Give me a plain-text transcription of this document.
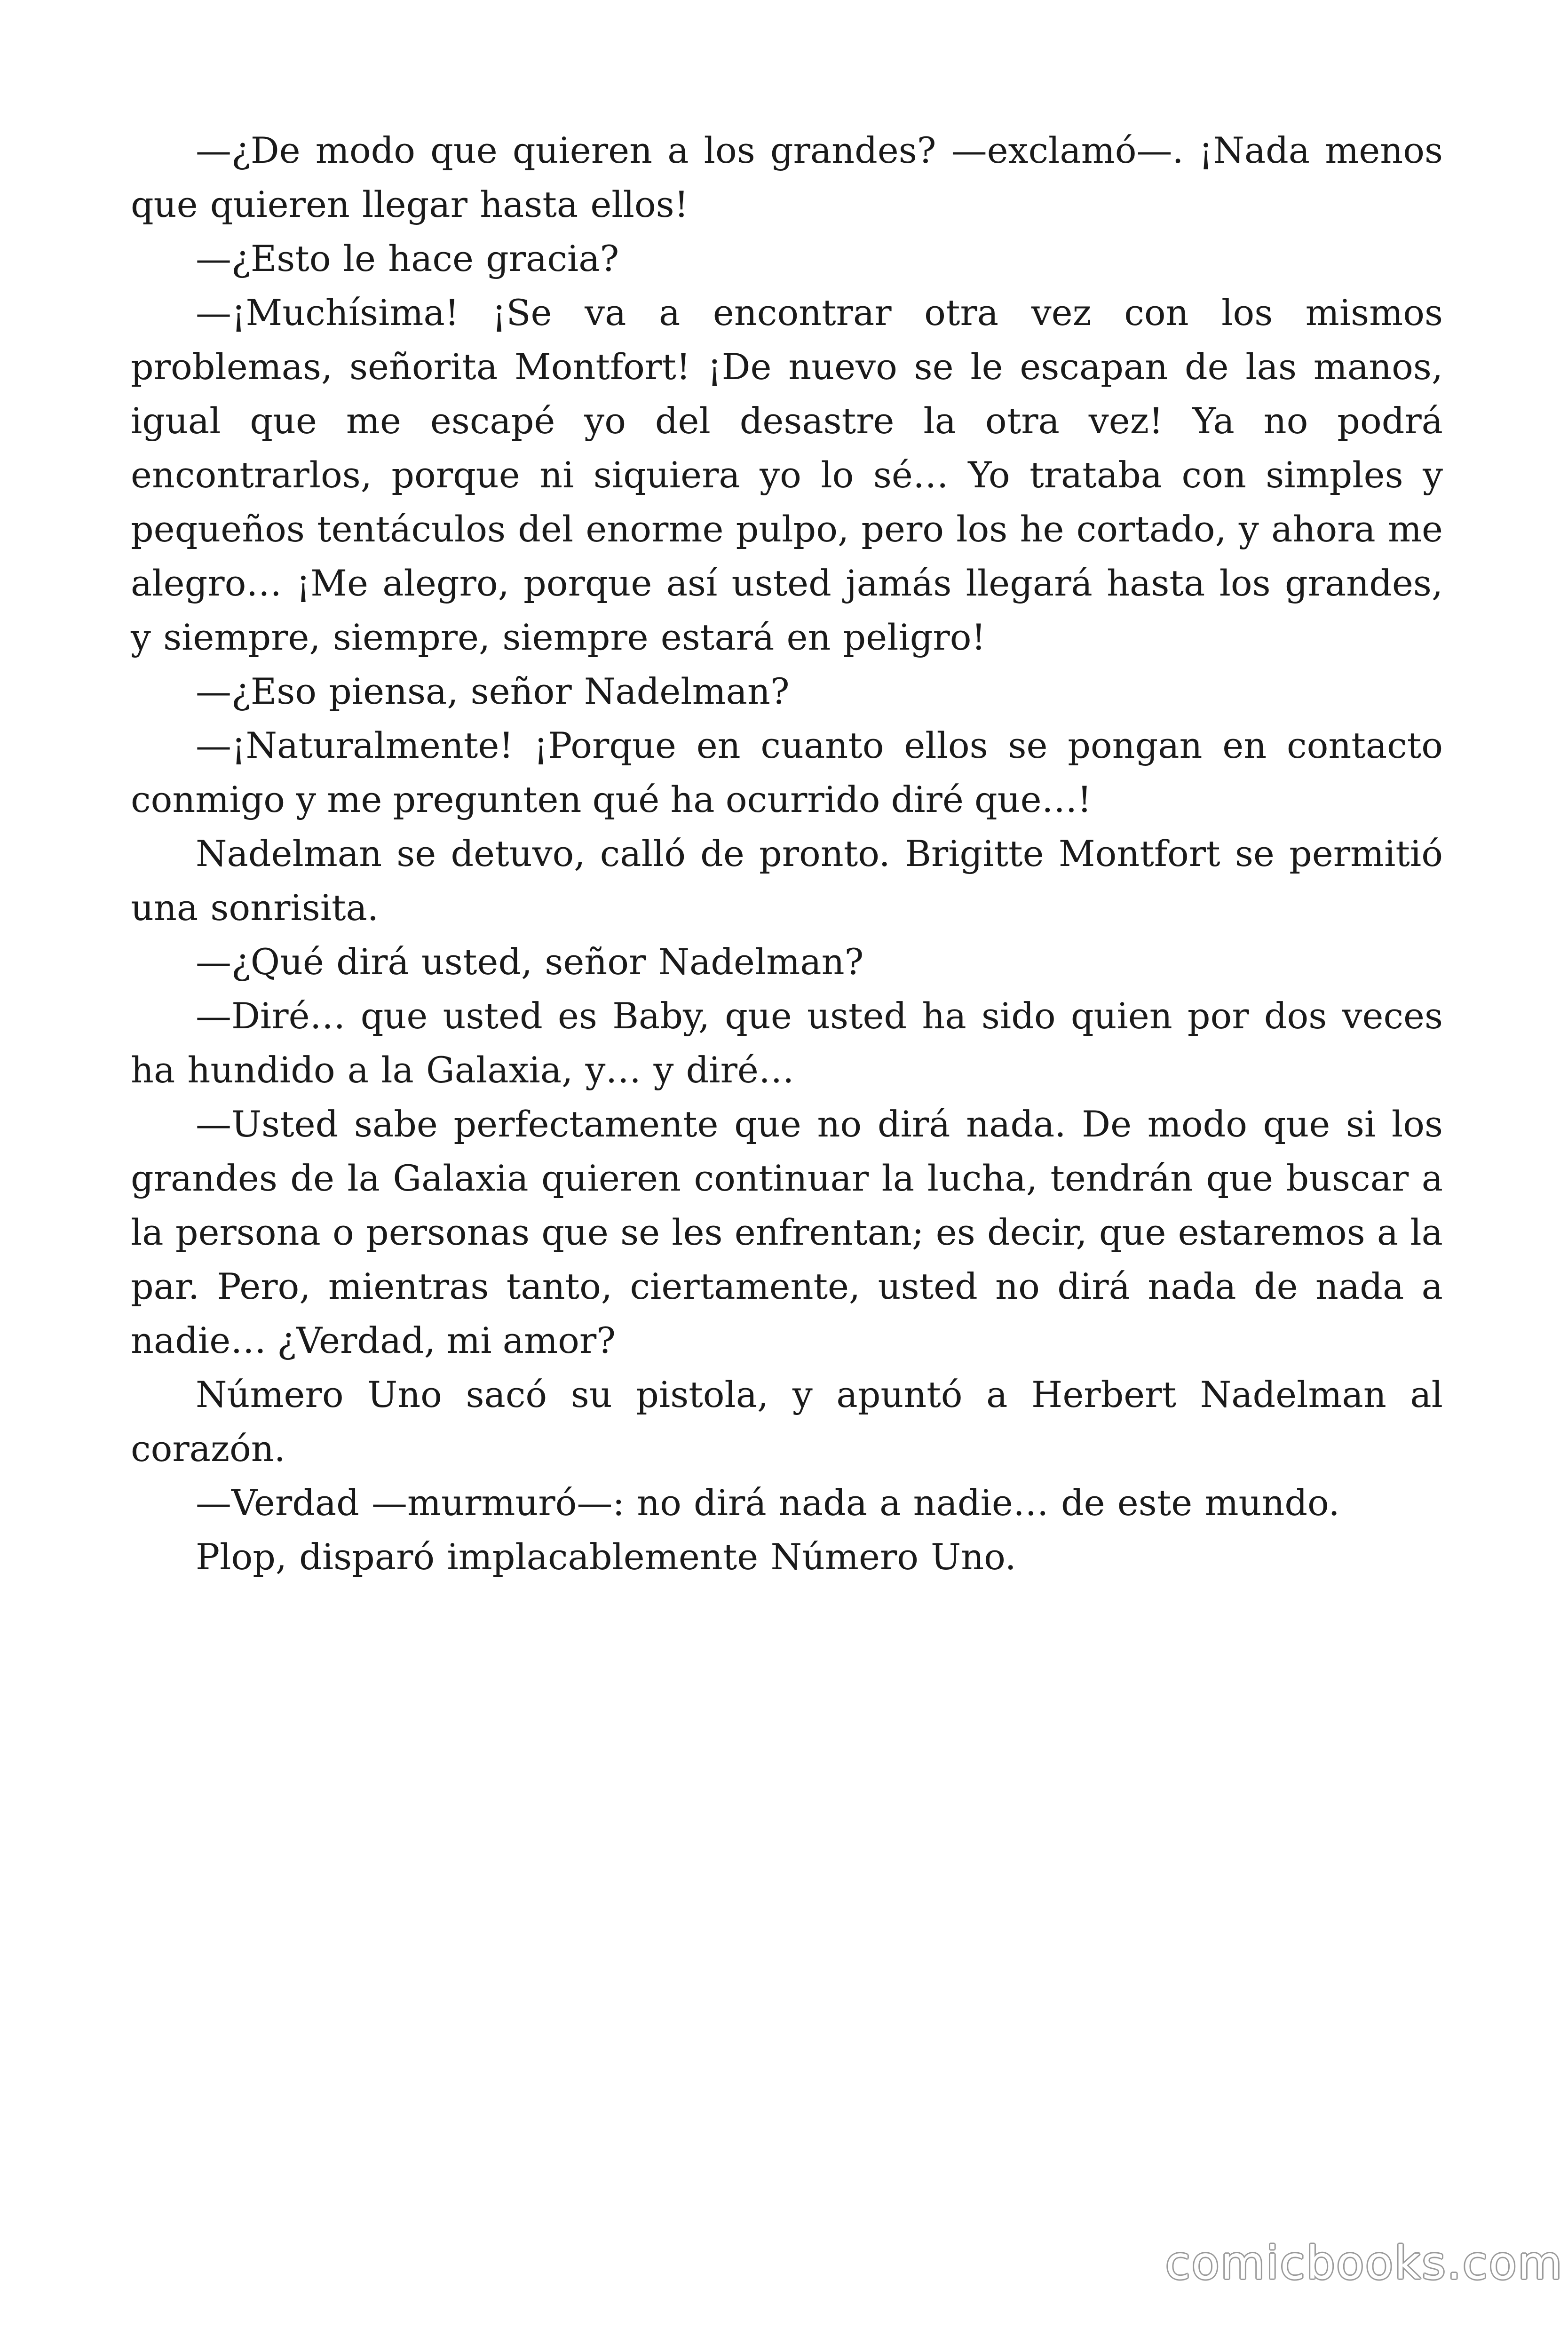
—¿De modo que quieren a los grandes? —exclamó—. ¡Nada menos que quieren llegar hasta ellos!

—¿Esto le hace gracia?

—¡Muchísima! ¡Se va a encontrar otra vez con los mismos problemas, señorita Montfort! ¡De nuevo se le escapan de las manos, igual que me escapé yo del desastre la otra vez! Ya no podrá encontrarlos, porque ni siquiera yo lo sé… Yo trataba con simples y pequeños tentáculos del enorme pulpo, pero los he cortado, y ahora me alegro… ¡Me alegro, porque así usted jamás llegará hasta los grandes, y siempre, siempre, siempre estará en peligro!

—¿Eso piensa, señor Nadelman?

—¡Naturalmente! ¡Porque en cuanto ellos se pongan en contacto conmigo y me pregunten qué ha ocurrido diré que…!

Nadelman se detuvo, calló de pronto. Brigitte Montfort se permitió una sonrisita.

—¿Qué dirá usted, señor Nadelman?

—Diré… que usted es Baby, que usted ha sido quien por dos veces ha hundido a la Galaxia, y… y diré…

—Usted sabe perfectamente que no dirá nada. De modo que si los grandes de la Galaxia quieren continuar la lucha, tendrán que buscar a la persona o personas que se les enfrentan; es decir, que estaremos a la par. Pero, mientras tanto, ciertamente, usted no dirá nada de nada a nadie… ¿Verdad, mi amor?

Número Uno sacó su pistola, y apuntó a Herbert Nadelman al corazón.

—Verdad —murmuró—: no dirá nada a nadie… de este mundo.

Plop, disparó implacablemente Número Uno.

comicbooks.com
